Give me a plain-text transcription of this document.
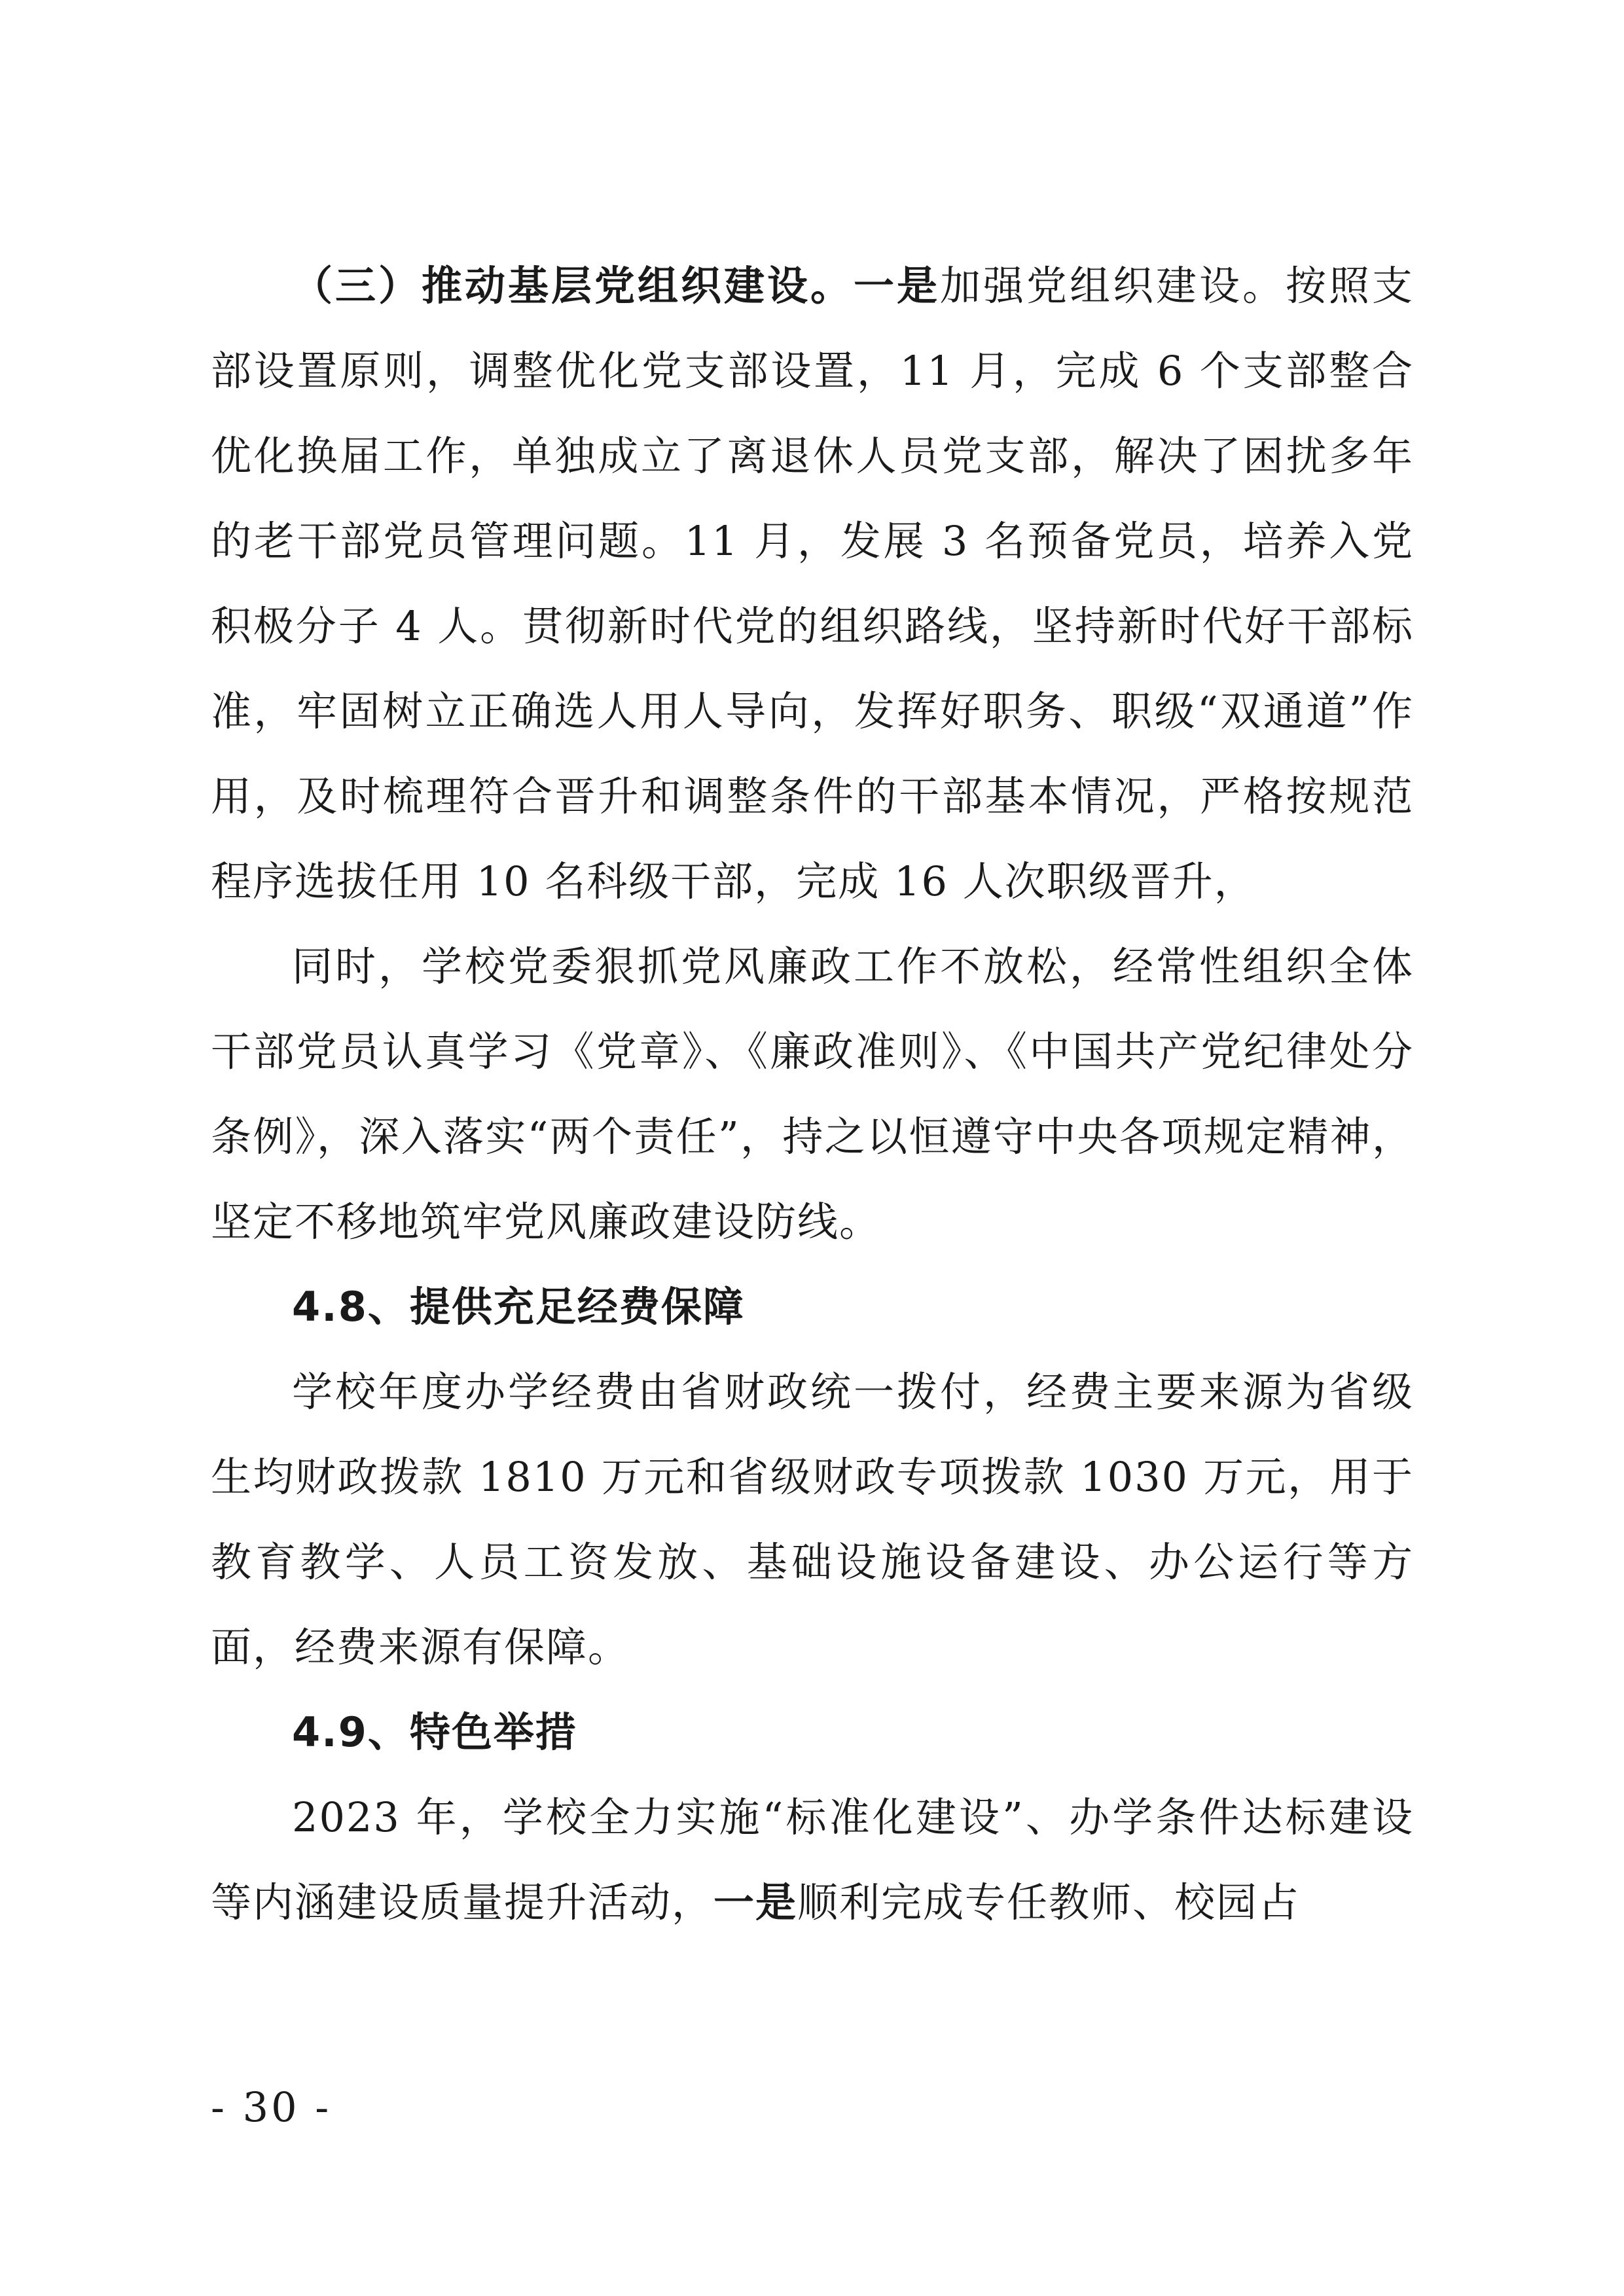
（三）推动基层党组织建设。一是加强党组织建设。按照支部设置原则，调整优化党支部设置，11 月，完成 6 个支部整合优化换届工作，单独成立了离退休人员党支部，解决了困扰多年的老干部党员管理问题。11 月，发展 3 名预备党员，培养入党积极分子 4 人。贯彻新时代党的组织路线，坚持新时代好干部标准，牢固树立正确选人用人导向，发挥好职务、职级“双通道”作用，及时梳理符合晋升和调整条件的干部基本情况，严格按规范程序选拔任用 10 名科级干部，完成 16 人次职级晋升，

同时，学校党委狠抓党风廉政工作不放松，经常性组织全体干部党员认真学习《党章》、《廉政准则》、《中国共产党纪律处分条例》，深入落实“两个责任”，持之以恒遵守中央各项规定精神，坚定不移地筑牢党风廉政建设防线。

4.8、提供充足经费保障

学校年度办学经费由省财政统一拨付，经费主要来源为省级生均财政拨款 1810 万元和省级财政专项拨款 1030 万元，用于教育教学、人员工资发放、基础设施设备建设、办公运行等方面，经费来源有保障。

4.9、特色举措

2023 年，学校全力实施“标准化建设”、办学条件达标建设等内涵建设质量提升活动，一是顺利完成专任教师、校园占

- 30 -
